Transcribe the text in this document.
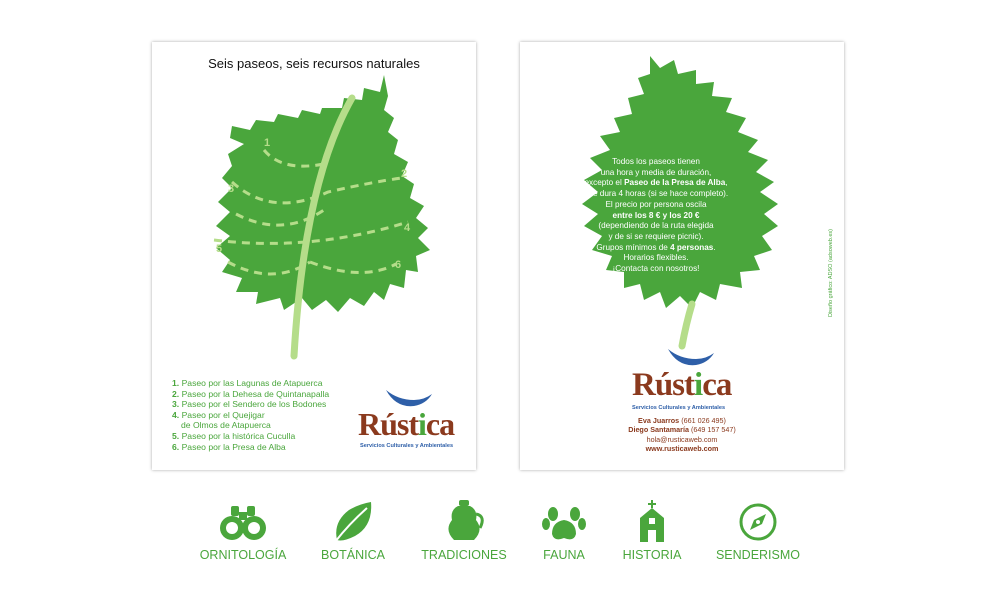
Seis paseos, seis recursos naturales
1
2
3
4
5
6
1. Paseo por las Lagunas de Atapuerca
2. Paseo por la Dehesa de Quintanapalla
3. Paseo por el Sendero de los Bodones
4. Paseo por el Quejigar
de Olmos de Atapuerca
5. Paseo por la histórica Cuculla
6. Paseo por la Presa de Alba
Rústica
Servicios Culturales y Ambientales
Todos los paseos tienen
una hora y media de duración,
excepto el Paseo de la Presa de Alba,
que dura 4 horas (si se hace completo).
El precio por persona oscila
entre los 8 € y los 20 €
(dependiendo de la ruta elegida
y de si se requiere picnic).
Grupos mínimos de 4 personas.
Horarios flexibles.
¡Contacta con nosotros!
Rústica
Servicios Culturales y Ambientales
Eva Juarros (661 026 495)
Diego Santamaría (649 157 547)
hola@rusticaweb.com
www.rusticaweb.com
Diseño gráfico: ADSO (adsoweb.es)
ORNITOLOGÍA	BOTÁNICA	TRADICIONES	FAUNA	HISTORIA	SENDERISMO
